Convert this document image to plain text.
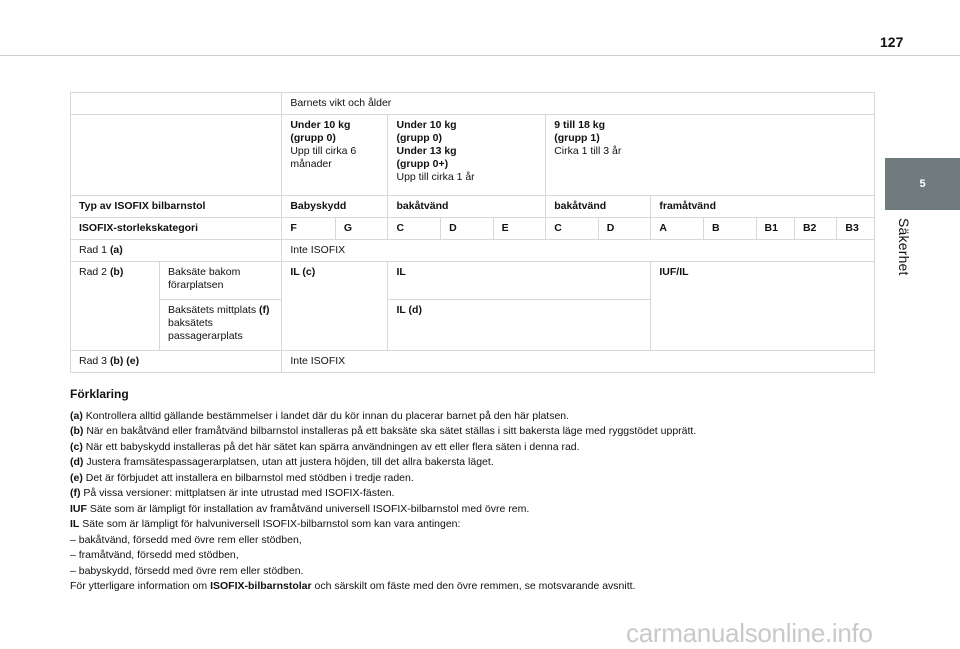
127
5
Säkerhet
		Barnets vikt och ålder											
		Under 10 kg
(grupp 0)
Upp till cirka 6 månader		Under 10 kg
(grupp 0)
Under 13 kg
(grupp 0+)
Upp till cirka 1 år			9 till 18 kg
(grupp 1)
Cirka 1 till 3 år						
Typ av ISOFIX bilbarnstol		Babyskydd		bakåtvänd			bakåtvänd		framåtvänd				
ISOFIX-storlekskategori		F	G	C	D	E	C	D	A	B	B1	B2	B3
Rad 1 (a)		Inte ISOFIX											
Rad 2 (b)	Baksäte bakom förarplatsen	IL (c)		IL					IUF/IL				
	Baksätets mittplats (f) baksätets passagerarplats			IL (d)									
Rad 3 (b) (e)		Inte ISOFIX											
Förklaring
(a) Kontrollera alltid gällande bestämmelser i landet där du kör innan du placerar barnet på den här platsen.
(b) När en bakåtvänd eller framåtvänd bilbarnstol installeras på ett baksäte ska sätet ställas i sitt bakersta läge med ryggstödet upprätt.
(c) När ett babyskydd installeras på det här sätet kan spärra användningen av ett eller flera säten i denna rad.
(d) Justera framsätespassagerarplatsen, utan att justera höjden, till det allra bakersta läget.
(e) Det är förbjudet att installera en bilbarnstol med stödben i tredje raden.
(f) På vissa versioner: mittplatsen är inte utrustad med ISOFIX-fästen.
IUF Säte som är lämpligt för installation av framåtvänd universell ISOFIX-bilbarnstol med övre rem.
IL Säte som är lämpligt för halvuniversell ISOFIX-bilbarnstol som kan vara antingen:
– bakåtvänd, försedd med övre rem eller stödben,
– framåtvänd, försedd med stödben,
– babyskydd, försedd med övre rem eller stödben.
För ytterligare information om ISOFIX-bilbarnstolar och särskilt om fäste med den övre remmen, se motsvarande avsnitt.
carmanualsonline.info
